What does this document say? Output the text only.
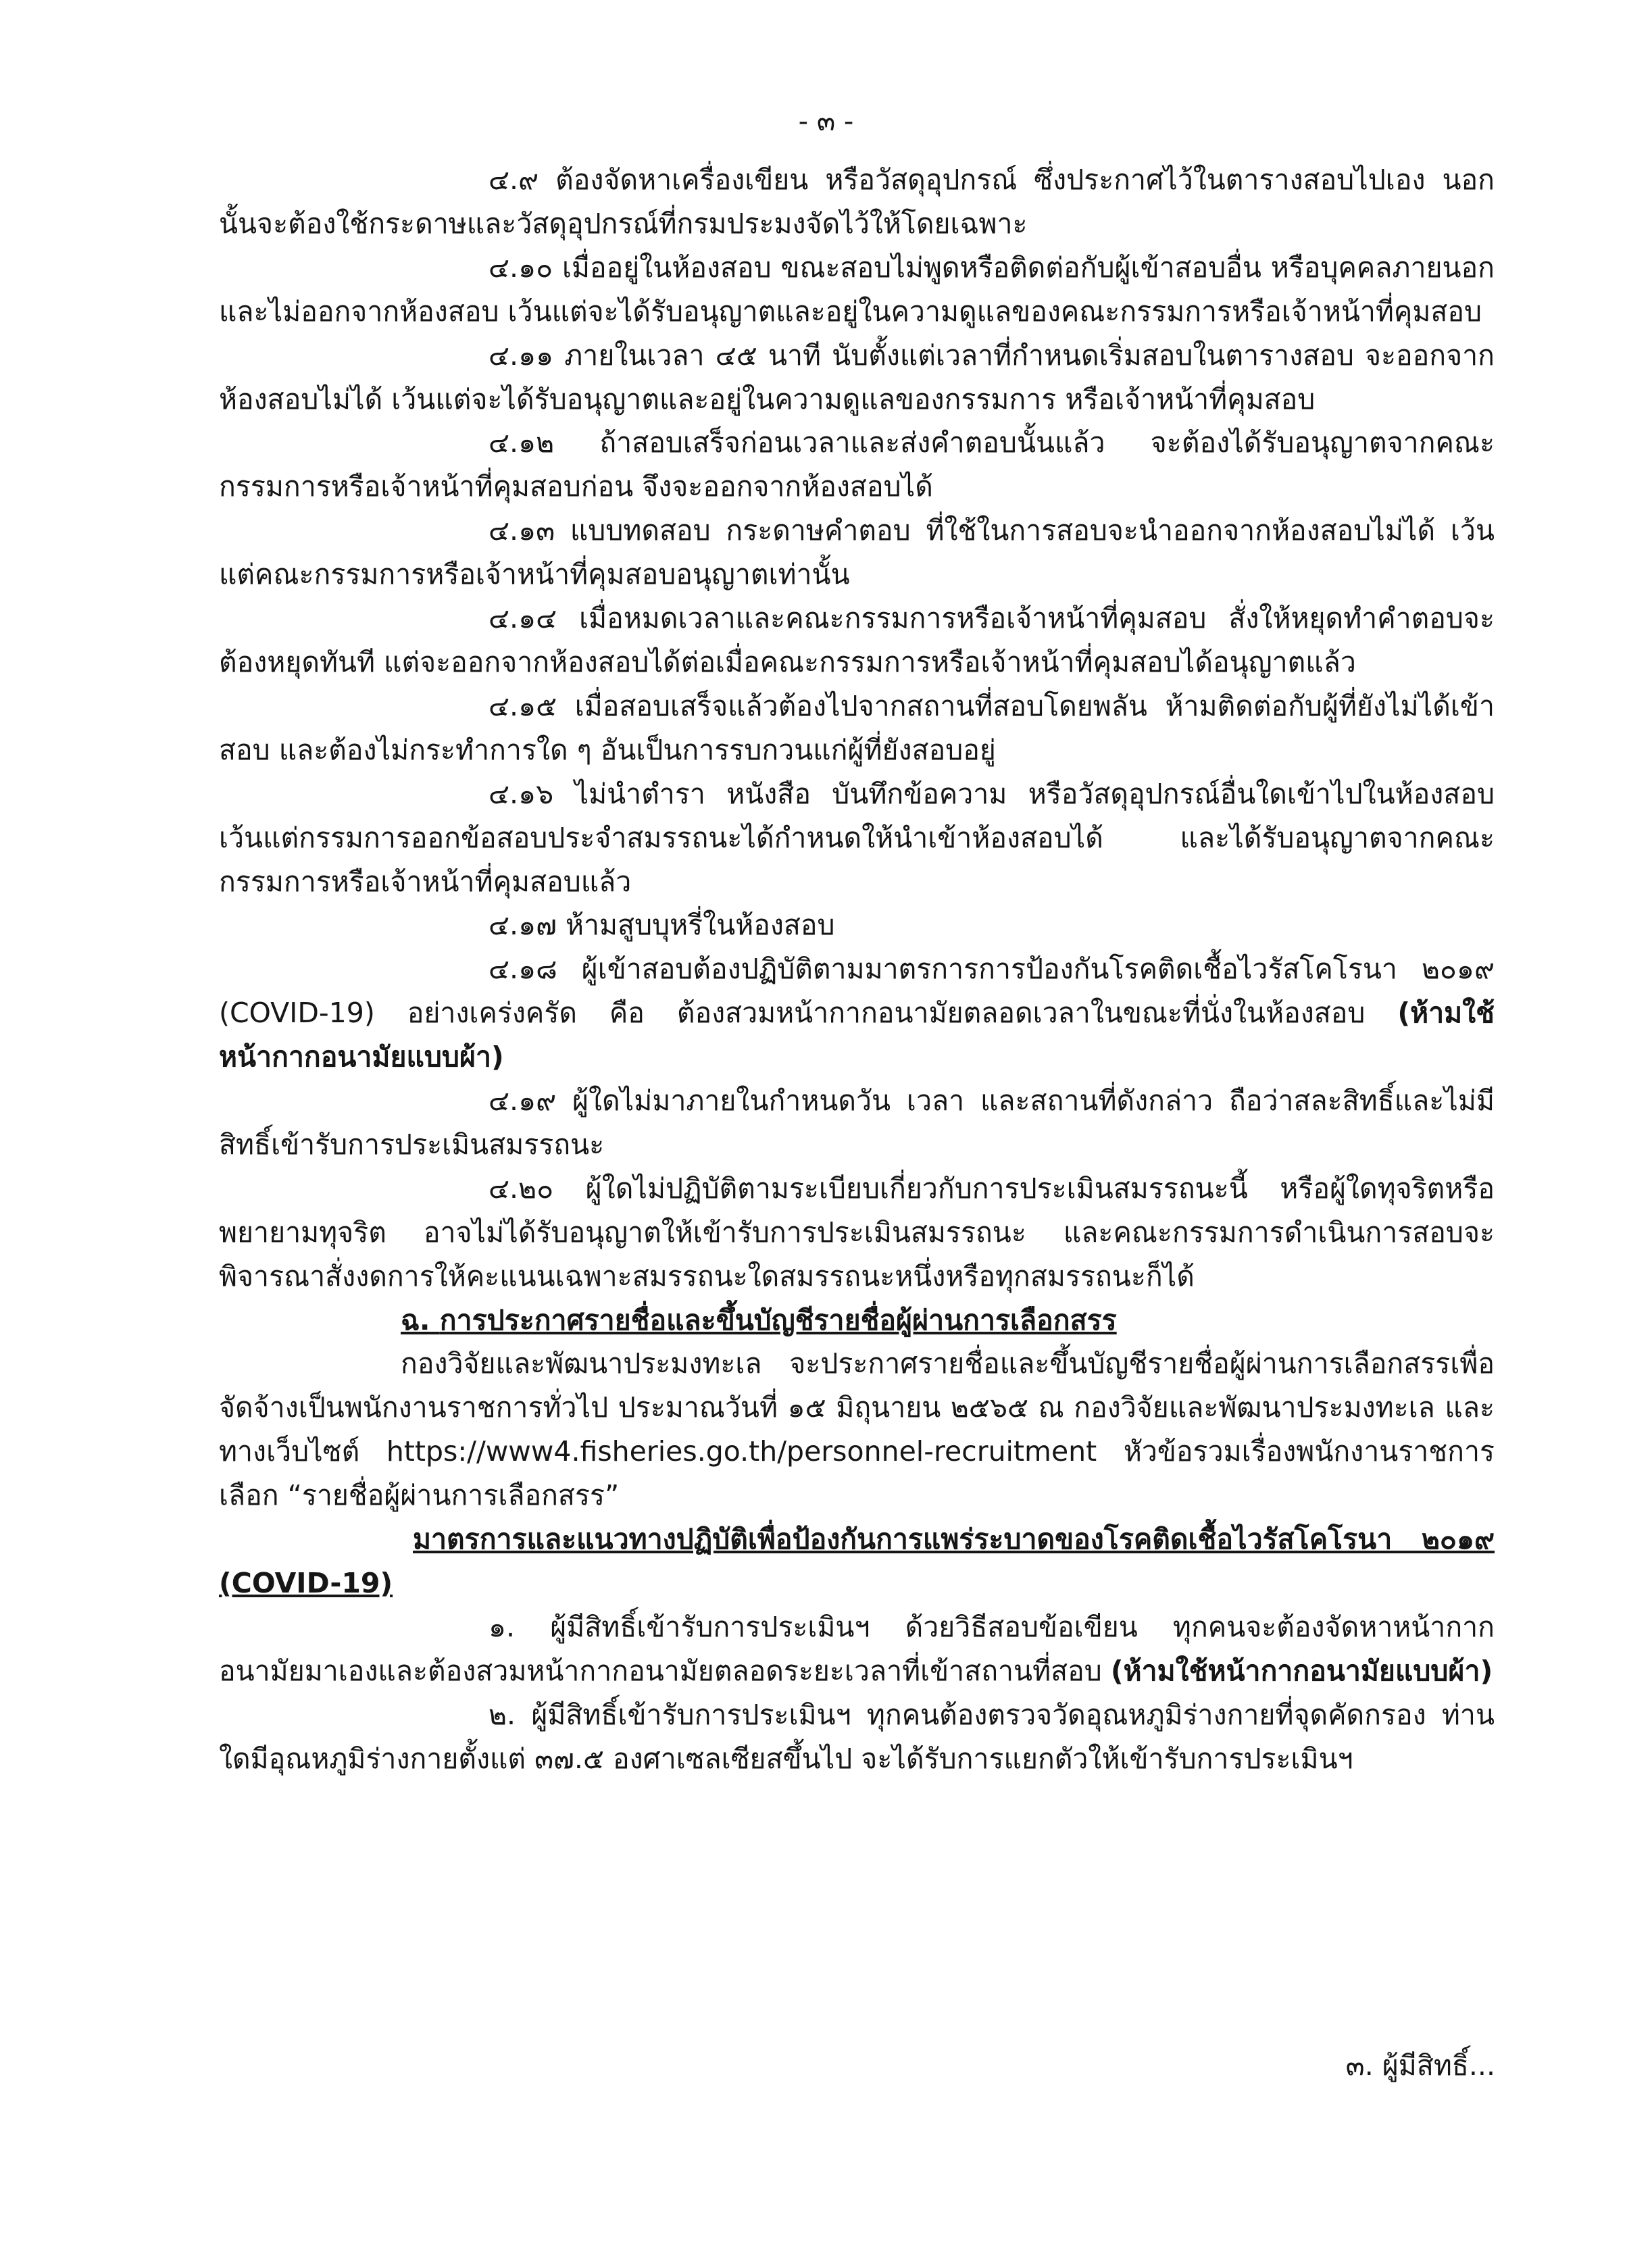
- ๓ -

๔.๙ ต้องจัดหาเครื่องเขียน หรือวัสดุอุปกรณ์ ซึ่งประกาศไว้ในตารางสอบไปเอง นอกนั้นจะต้องใช้กระดาษและวัสดุอุปกรณ์ที่กรมประมงจัดไว้ให้โดยเฉพาะ

๔.๑๐ เมื่ออยู่ในห้องสอบ ขณะสอบไม่พูดหรือติดต่อกับผู้เข้าสอบอื่น หรือบุคคลภายนอก และไม่ออกจากห้องสอบ เว้นแต่จะได้รับอนุญาตและอยู่ในความดูแลของคณะกรรมการหรือเจ้าหน้าที่คุมสอบ

๔.๑๑ ภายในเวลา ๔๕ นาที นับตั้งแต่เวลาที่กำหนดเริ่มสอบในตารางสอบ จะออกจากห้องสอบไม่ได้ เว้นแต่จะได้รับอนุญาตและอยู่ในความดูแลของกรรมการ หรือเจ้าหน้าที่คุมสอบ

๔.๑๒ ถ้าสอบเสร็จก่อนเวลาและส่งคำตอบนั้นแล้ว จะต้องได้รับอนุญาตจากคณะกรรมการหรือเจ้าหน้าที่คุมสอบก่อน จึงจะออกจากห้องสอบได้

๔.๑๓ แบบทดสอบ กระดาษคำตอบ ที่ใช้ในการสอบจะนำออกจากห้องสอบไม่ได้ เว้นแต่คณะกรรมการหรือเจ้าหน้าที่คุมสอบอนุญาตเท่านั้น

๔.๑๔ เมื่อหมดเวลาและคณะกรรมการหรือเจ้าหน้าที่คุมสอบ สั่งให้หยุดทำคำตอบจะต้องหยุดทันที แต่จะออกจากห้องสอบได้ต่อเมื่อคณะกรรมการหรือเจ้าหน้าที่คุมสอบได้อนุญาตแล้ว

๔.๑๕ เมื่อสอบเสร็จแล้วต้องไปจากสถานที่สอบโดยพลัน ห้ามติดต่อกับผู้ที่ยังไม่ได้เข้าสอบ และต้องไม่กระทำการใด ๆ อันเป็นการรบกวนแก่ผู้ที่ยังสอบอยู่

๔.๑๖ ไม่นำตำรา หนังสือ บันทึกข้อความ หรือวัสดุอุปกรณ์อื่นใดเข้าไปในห้องสอบ เว้นแต่กรรมการออกข้อสอบประจำสมรรถนะได้กำหนดให้นำเข้าห้องสอบได้ และได้รับอนุญาตจากคณะกรรมการหรือเจ้าหน้าที่คุมสอบแล้ว

๔.๑๗ ห้ามสูบบุหรี่ในห้องสอบ

๔.๑๘ ผู้เข้าสอบต้องปฏิบัติตามมาตรการการป้องกันโรคติดเชื้อไวรัสโคโรนา ๒๐๑๙ (COVID-19) อย่างเคร่งครัด คือ ต้องสวมหน้ากากอนามัยตลอดเวลาในขณะที่นั่งในห้องสอบ (ห้ามใช้หน้ากากอนามัยแบบผ้า)

๔.๑๙ ผู้ใดไม่มาภายในกำหนดวัน เวลา และสถานที่ดังกล่าว ถือว่าสละสิทธิ์และไม่มีสิทธิ์เข้ารับการประเมินสมรรถนะ

๔.๒๐ ผู้ใดไม่ปฏิบัติตามระเบียบเกี่ยวกับการประเมินสมรรถนะนี้ หรือผู้ใดทุจริตหรือพยายามทุจริต อาจไม่ได้รับอนุญาตให้เข้ารับการประเมินสมรรถนะ และคณะกรรมการดำเนินการสอบจะพิจารณาสั่งงดการให้คะแนนเฉพาะสมรรถนะใดสมรรถนะหนึ่งหรือทุกสมรรถนะก็ได้

ฉ. การประกาศรายชื่อและขึ้นบัญชีรายชื่อผู้ผ่านการเลือกสรร

กองวิจัยและพัฒนาประมงทะเล จะประกาศรายชื่อและขึ้นบัญชีรายชื่อผู้ผ่านการเลือกสรรเพื่อจัดจ้างเป็นพนักงานราชการทั่วไป ประมาณวันที่ ๑๕ มิถุนายน ๒๕๖๕ ณ กองวิจัยและพัฒนาประมงทะเล และทางเว็บไซต์ https://www4.fisheries.go.th/personnel-recruitment หัวข้อรวมเรื่องพนักงานราชการ เลือก “รายชื่อผู้ผ่านการเลือกสรร”

มาตรการและแนวทางปฏิบัติเพื่อป้องกันการแพร่ระบาดของโรคติดเชื้อไวรัสโคโรนา ๒๐๑๙ (COVID-19)

๑. ผู้มีสิทธิ์เข้ารับการประเมินฯ ด้วยวิธีสอบข้อเขียน ทุกคนจะต้องจัดหาหน้ากากอนามัยมาเองและต้องสวมหน้ากากอนามัยตลอดระยะเวลาที่เข้าสถานที่สอบ (ห้ามใช้หน้ากากอนามัยแบบผ้า)

๒. ผู้มีสิทธิ์เข้ารับการประเมินฯ ทุกคนต้องตรวจวัดอุณหภูมิร่างกายที่จุดคัดกรอง ท่านใดมีอุณหภูมิร่างกายตั้งแต่ ๓๗.๕ องศาเซลเซียสขึ้นไป จะได้รับการแยกตัวให้เข้ารับการประเมินฯ

๓. ผู้มีสิทธิ์...
